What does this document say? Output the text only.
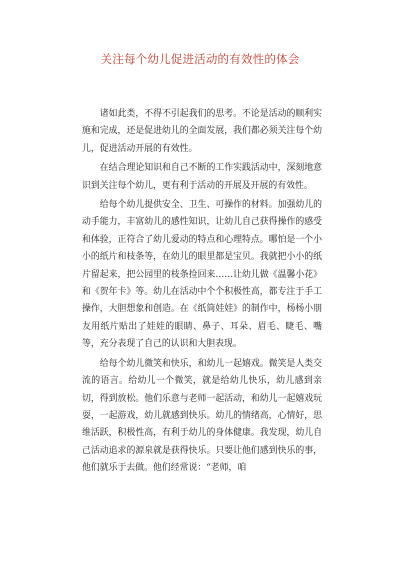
关注每个幼儿促进活动的有效性的体会

诸如此类，不得不引起我们的思考。不论是活动的顺利实施和完成，还是促进幼儿的全面发展，我们都必须关注每个幼儿，促进活动开展的有效性。

在结合理论知识和自己不断的工作实践活动中，深刻地意识到关注每个幼儿，更有利于活动的开展及开展的有效性。

给每个幼儿提供安全、卫生、可操作的材料。加强幼儿的动手能力，丰富幼儿的感性知识，让幼儿自己获得操作的感受和体验，正符合了幼儿爱动的特点和心理特点。哪怕是一个小小的纸片和枝条等，在幼儿的眼里都是宝贝。我就把小小的纸片留起来，把公园里的枝条捡回来……让幼儿做《温馨小花》和《贺年卡》等。幼儿在活动中个个积极性高，都专注于手工操作，大胆想象和创造。在《纸筒娃娃》的制作中，杨杨小朋友用纸片贴出了娃娃的眼睛、鼻子、耳朵、眉毛、睫毛、嘴等，充分表现了自己的认识和大胆表现。

给每个幼儿微笑和快乐，和幼儿一起嬉戏。微笑是人类交流的语言。给幼儿一个微笑，就是给幼儿快乐，幼儿感到亲切，得到放松。他们乐意与老师一起活动，和幼儿一起嬉戏玩耍，一起游戏，幼儿就感到快乐。幼儿的情绪高，心情好，思维活跃，积极性高，有利于幼儿的身体健康。我发现，幼儿自己活动追求的源泉就是获得快乐。只要让他们感到快乐的事，他们就乐于去做。他们经常说：“老师，咱
